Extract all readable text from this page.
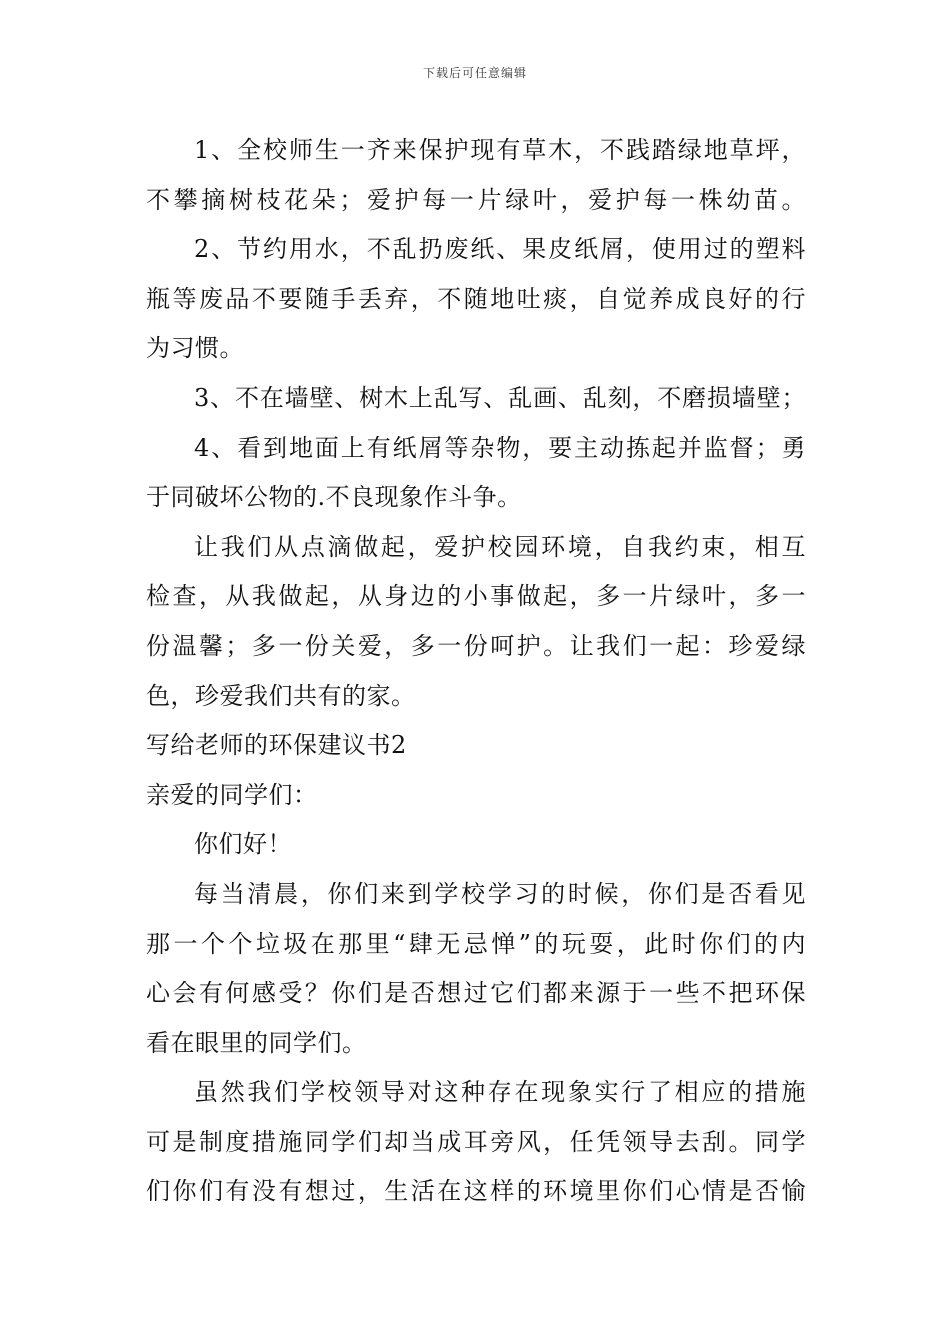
下载后可任意编辑
1、全校师生一齐来保护现有草木，不践踏绿地草坪，
不攀摘树枝花朵；爱护每一片绿叶，爱护每一株幼苗。
2、节约用水，不乱扔废纸、果皮纸屑，使用过的塑料
瓶等废品不要随手丢弃，不随地吐痰，自觉养成良好的行
为习惯。
3、不在墙壁、树木上乱写、乱画、乱刻，不磨损墙壁；
4、看到地面上有纸屑等杂物，要主动拣起并监督；勇
于同破坏公物的.不良现象作斗争。
让我们从点滴做起，爱护校园环境，自我约束，相互
检查，从我做起，从身边的小事做起，多一片绿叶，多一
份温馨；多一份关爱，多一份呵护。让我们一起：珍爱绿
色，珍爱我们共有的家。
写给老师的环保建议书2
亲爱的同学们：
你们好！
每当清晨，你们来到学校学习的时候，你们是否看见
那一个个垃圾在那里“肆无忌惮”的玩耍，此时你们的内
心会有何感受？你们是否想过它们都来源于一些不把环保
看在眼里的同学们。
虽然我们学校领导对这种存在现象实行了相应的措施
可是制度措施同学们却当成耳旁风，任凭领导去刮。同学
们你们有没有想过，生活在这样的环境里你们心情是否愉
